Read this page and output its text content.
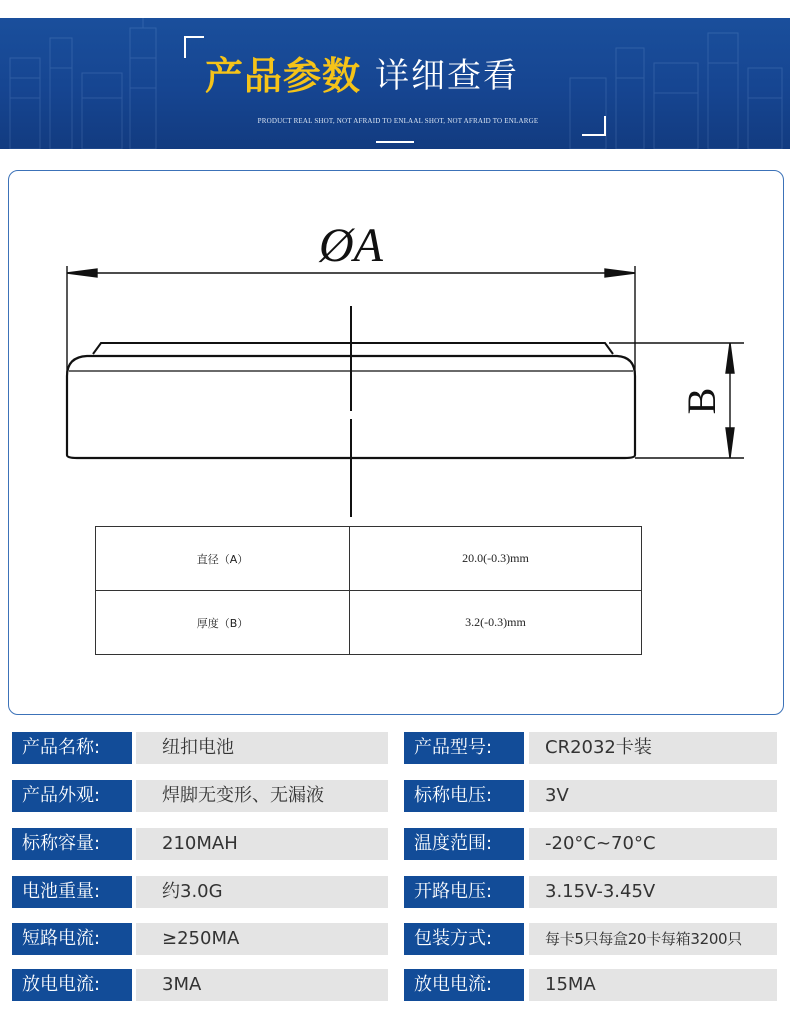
产品参数 详细查看
PRODUCT REAL SHOT, NOT AFRAID TO ENLAAL SHOT, NOT AFRAID TO ENLARGE
ØA
B
直径（A）	20.0(-0.3)mm
厚度（B）	3.2(-0.3)mm
产品名称:	纽扣电池	产品型号:	CR2032卡装
产品外观:	焊脚无变形、无漏液	标称电压:	3V
标称容量:	210MAH	温度范围:	-20°C~70°C
电池重量:	约3.0G	开路电压:	3.15V-3.45V
短路电流:	≥250MA	包装方式:	每卡5只每盒20卡每箱3200只
放电电流:	3MA	放电电流:	15MA
